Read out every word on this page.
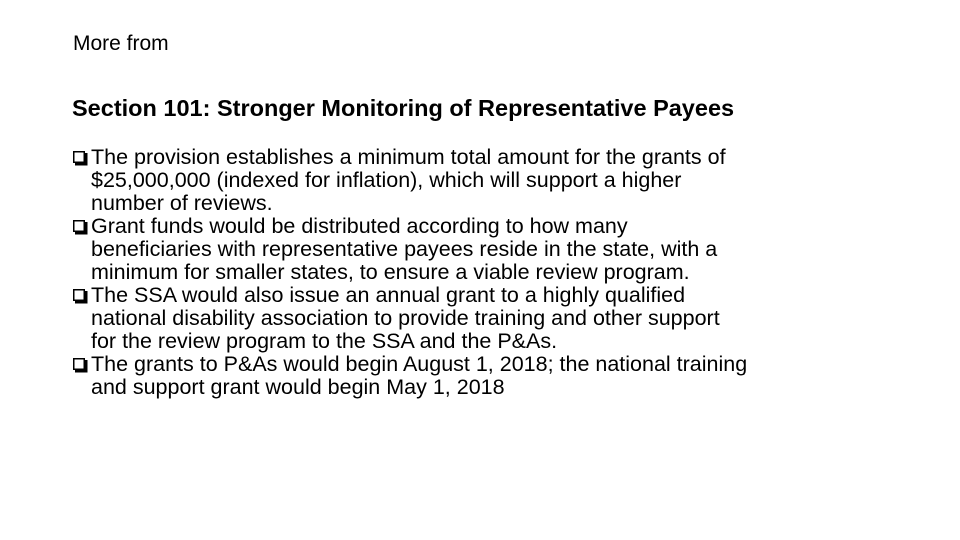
More from
Section 101: Stronger Monitoring of Representative Payees
The provision establishes a minimum total amount for the grants of
$25,000,000 (indexed for inflation), which will support a higher
number of reviews.
Grant funds would be distributed according to how many
beneficiaries with representative payees reside in the state, with a
minimum for smaller states, to ensure a viable review program.
The SSA would also issue an annual grant to a highly qualified
national disability association to provide training and other support
for the review program to the SSA and the P&As.
The grants to P&As would begin August 1, 2018; the national training
and support grant would begin May 1, 2018
